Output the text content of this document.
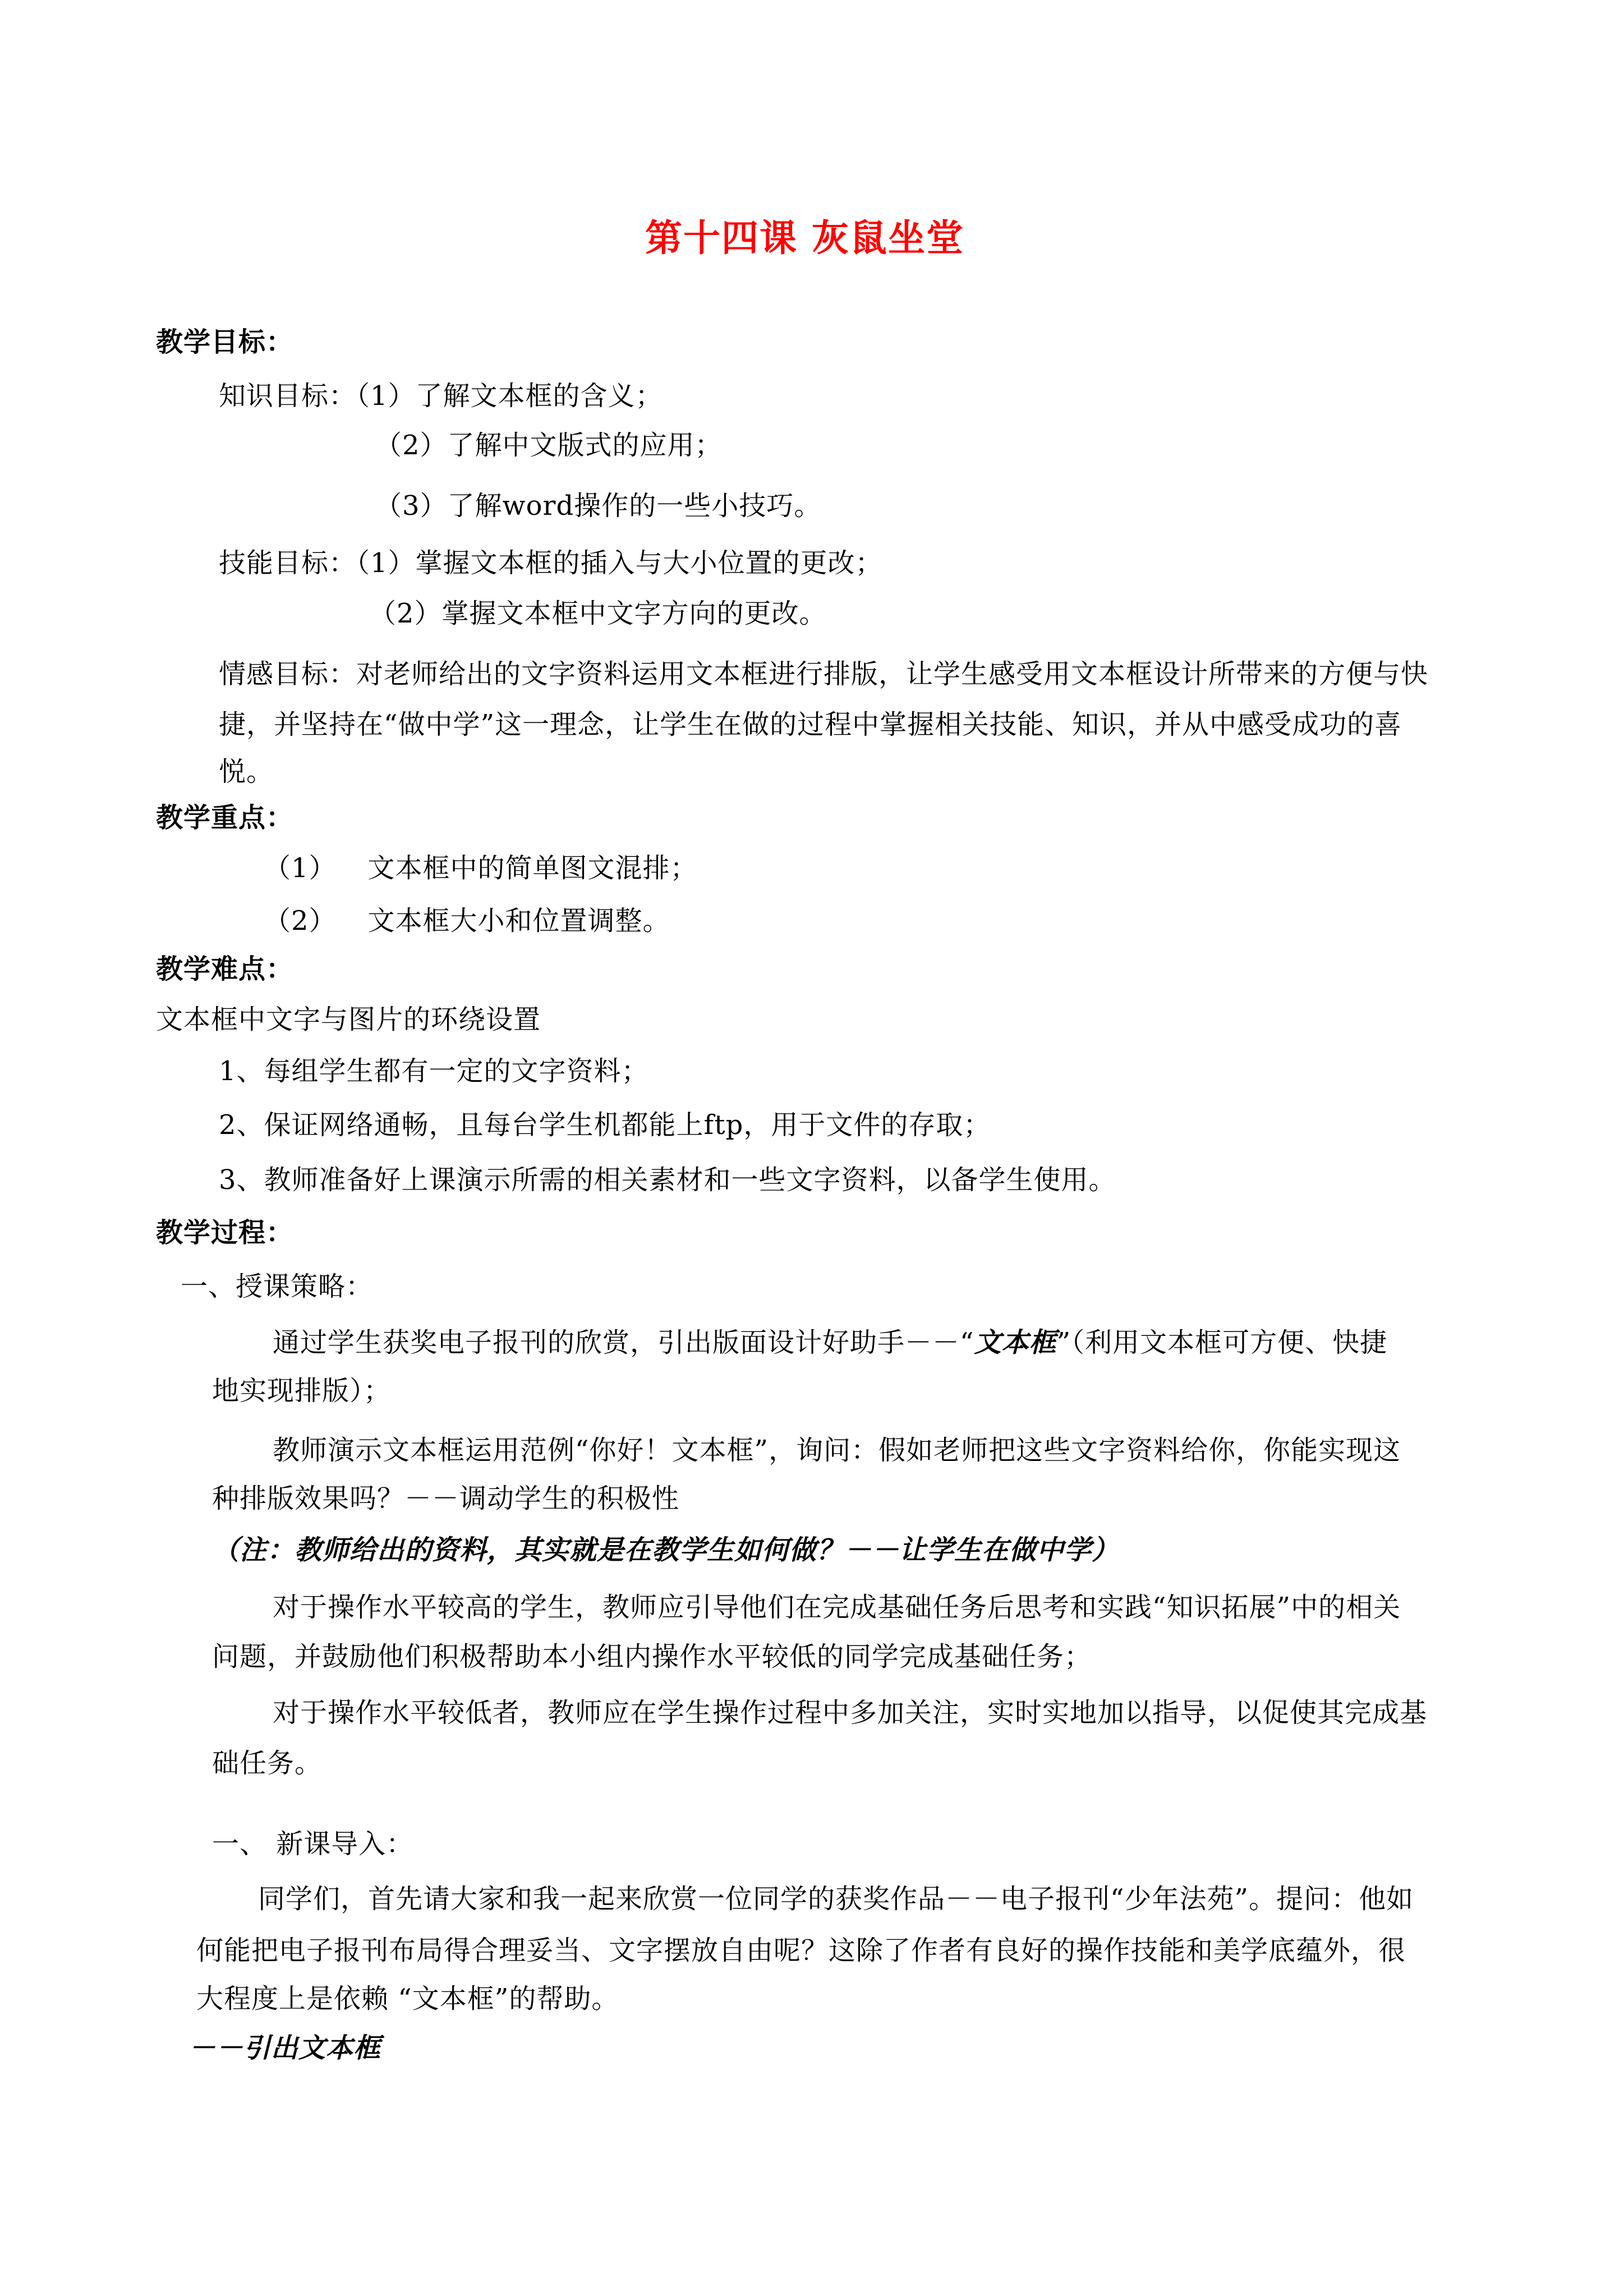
第十四课 灰鼠坐堂

教学目标：

知识目标：（1）了解文本框的含义；

（2）了解中文版式的应用；

（3）了解word操作的一些小技巧。

技能目标：（1）掌握文本框的插入与大小位置的更改；

（2）掌握文本框中文字方向的更改。

情感目标：对老师给出的文字资料运用文本框进行排版，让学生感受用文本框设计所带来的方便与快

捷，并坚持在“做中学”这一理念，让学生在做的过程中掌握相关技能、知识，并从中感受成功的喜

悦。

教学重点：

（1） 文本框中的简单图文混排；

（2） 文本框大小和位置调整。

教学难点：

文本框中文字与图片的环绕设置

1、每组学生都有一定的文字资料；

2、保证网络通畅，且每台学生机都能上ftp，用于文件的存取；

3、教师准备好上课演示所需的相关素材和一些文字资料，以备学生使用。

教学过程：

一、授课策略：

通过学生获奖电子报刊的欣赏，引出版面设计好助手－－“文本框”（利用文本框可方便、快捷

地实现排版）；

教师演示文本框运用范例“你好！文本框”，询问：假如老师把这些文字资料给你，你能实现这

种排版效果吗？－－调动学生的积极性

（注：教师给出的资料，其实就是在教学生如何做？－－让学生在做中学）

对于操作水平较高的学生，教师应引导他们在完成基础任务后思考和实践“知识拓展”中的相关

问题，并鼓励他们积极帮助本小组内操作水平较低的同学完成基础任务；

对于操作水平较低者，教师应在学生操作过程中多加关注，实时实地加以指导，以促使其完成基

础任务。

一、 新课导入：

同学们，首先请大家和我一起来欣赏一位同学的获奖作品－－电子报刊“少年法苑”。提问：他如

何能把电子报刊布局得合理妥当、文字摆放自由呢？这除了作者有良好的操作技能和美学底蕴外，很

大程度上是依赖 “文本框”的帮助。

－－引出文本框
